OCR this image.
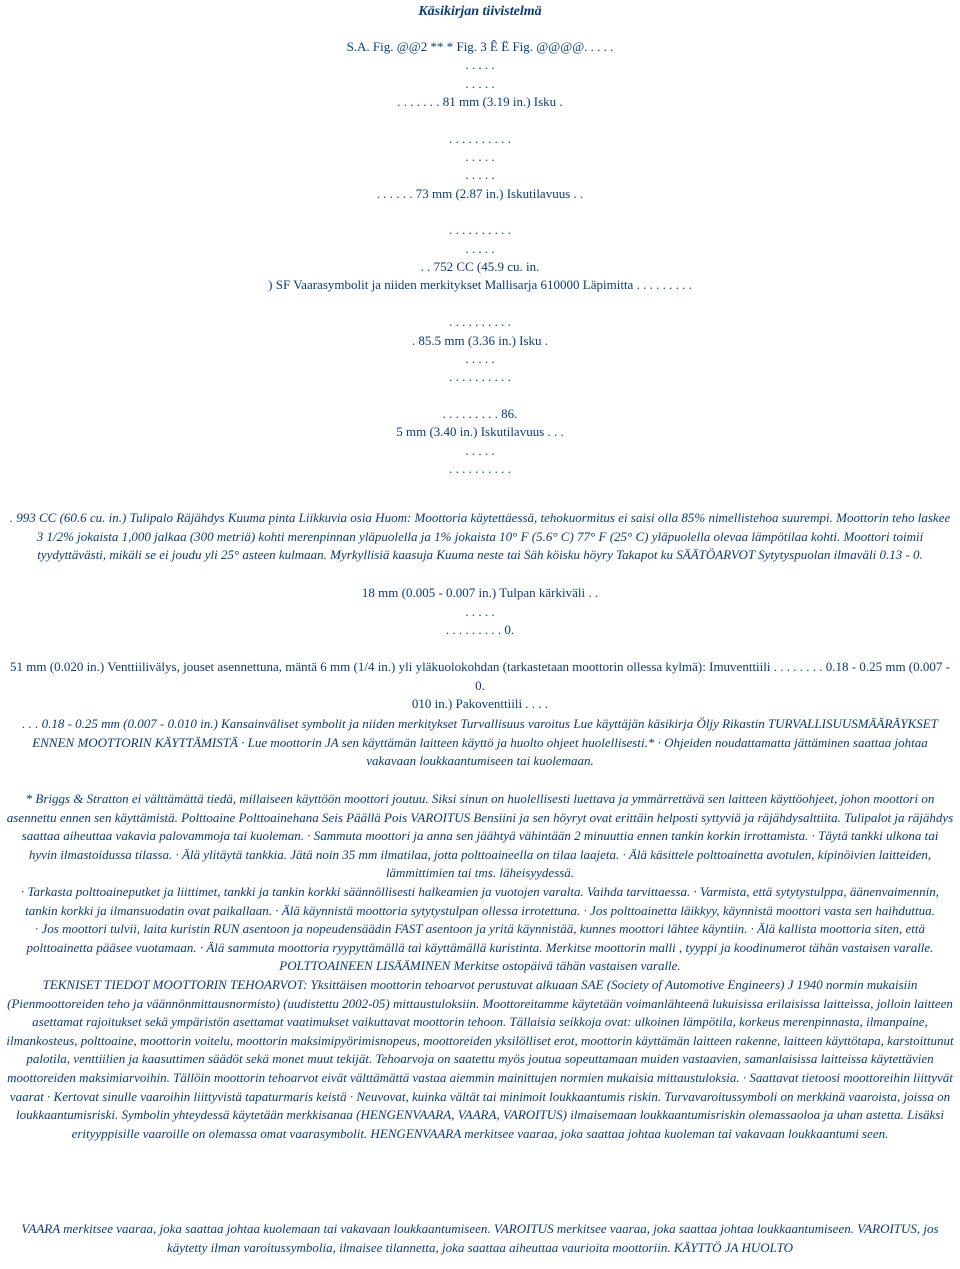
Käsikirjan tiivistelmä
S.A. Fig. @@2 ** * Fig. 3 Ê Ë Fig. @@@@. . . . .
. . . . .
. . . . .
. . . . . . . 81 mm (3.19 in.) Isku .
. . . . . . . . . .
. . . . .
. . . . .
. . . . . . 73 mm (2.87 in.) Iskutilavuus . .
. . . . . . . . . .
. . . . .
. . 752 CC (45.9 cu. in.
) SF Vaarasymbolit ja niiden merkitykset Mallisarja 610000 Läpimitta . . . . . . . . .
. . . . . . . . . .
. 85.5 mm (3.36 in.) Isku .
. . . . .
. . . . . . . . . .
. . . . . . . . . 86.
5 mm (3.40 in.) Iskutilavuus . . .
. . . . .
. . . . . . . . . .

. 993 CC (60.6 cu. in.) Tulipalo Räjähdys Kuuma pinta Liikkuvia osia Huom: Moottoria käytettäessä, tehokuormitus ei saisi olla 85% nimellistehoa suurempi. Moottorin teho laskee 3 1/2% jokaista 1,000 jalkaa (300 metriä) kohti merenpinnan yläpuolella ja 1% jokaista 10° F (5.6° C) 77° F (25° C) yläpuolella olevaa lämpötilaa kohti. Moottori toimii tyydyttävästi, mikäli se ei joudu yli 25° asteen kulmaan. Myrkyllisiä kaasuja Kuuma neste tai Säh köisku höyry Takapot ku SÄÄTÖARVOT Sytytyspuolan ilmaväli 0.13 - 0.

18 mm (0.005 - 0.007 in.) Tulpan kärkiväli . .
. . . . .
. . . . . . . . . 0.

51 mm (0.020 in.) Venttiilivälys, jouset asennettuna, mäntä 6 mm (1/4 in.) yli yläkuolokohdan (tarkastetaan moottorin ollessa kylmä): Imuventtiili . . . . . . . . 0.18 - 0.25 mm (0.007 - 0.

010 in.) Pakoventtiili . . . .

. . . 0.18 - 0.25 mm (0.007 - 0.010 in.) Kansainväliset symbolit ja niiden merkitykset Turvallisuus varoitus Lue käyttäjän käsikirja Öljy Rikastin TURVALLISUUSMÄÄRÄYKSET ENNEN MOOTTORIN KÄYTTÄMISTÄ · Lue moottorin JA sen käyttämän laitteen käyttö ja huolto ohjeet huolellisesti.* · Ohjeiden noudattamatta jättäminen saattaa johtaa vakavaan loukkaantumiseen tai kuolemaan.

* Briggs & Stratton ei välttämättä tiedä, millaiseen käyttöön moottori joutuu. Siksi sinun on huolellisesti luettava ja ymmärrettävä sen laitteen käyttöohjeet, johon moottori on asennettu ennen sen käyttämistä. Polttoaine Polttoainehana Seis Päällä Pois VAROITUS Bensiini ja sen höyryt ovat erittäin helposti syttyviä ja räjähdysalttiita. Tulipalot ja räjähdys saattaa aiheuttaa vakavia palovammoja tai kuoleman. · Sammuta moottori ja anna sen jäähtyä vähintään 2 minuuttia ennen tankin korkin irrottamista. · Täytä tankki ulkona tai hyvin ilmastoidussa tilassa. · Älä ylitäytä tankkia. Jätä noin 35 mm ilmatilaa, jotta polttoaineella on tilaa laajeta. · Älä käsittele polttoainetta avotulen, kipinöivien laitteiden, lämmittimien tai tms. läheisyydessä.

· Tarkasta polttoaineputket ja liittimet, tankki ja tankin korkki säännöllisesti halkeamien ja vuotojen varalta. Vaihda tarvittaessa. · Varmista, että sytytystulppa, äänenvaimennin, tankin korkki ja ilmansuodatin ovat paikallaan. · Älä käynnistä moottoria sytytystulpan ollessa irrotettuna. · Jos polttoainetta läikkyy, käynnistä moottori vasta sen haihduttua.

· Jos moottori tulvii, laita kuristin RUN asentoon ja nopeudensäädin FAST asentoon ja yritä käynnistää, kunnes moottori lähtee käyntiin. · Älä kallista moottoria siten, että polttoainetta pääsee vuotamaan. · Älä sammuta moottoria ryypyttämällä tai käyttämällä kuristinta. Merkitse moottorin malli , tyyppi ja koodinumerot tähän vastaisen varalle. POLTTOAINEEN LISÄÄMINEN Merkitse ostopäivä tähän vastaisen varalle.

TEKNISET TIEDOT MOOTTORIN TEHOARVOT: Yksittäisen moottorin tehoarvot perustuvat alkuaan SAE (Society of Automotive Engineers) J 1940 normin mukaisiin (Pienmoottoreiden teho ja väännönmittausnormisto) (uudistettu 2002-05) mittaustuloksiin. Moottoreitamme käytetään voimanlähteenä lukuisissa erilaisissa laitteissa, jolloin laitteen asettamat rajoitukset sekä ympäristön asettamat vaatimukset vaikuttavat moottorin tehoon. Tällaisia seikkoja ovat: ulkoinen lämpötila, korkeus merenpinnasta, ilmanpaine, ilmankosteus, polttoaine, moottorin voitelu, moottorin maksimipyörimisnopeus, moottoreiden yksilölliset erot, moottorin käyttämän laitteen rakenne, laitteen käyttötapa, karstoittunut palotila, venttiilien ja kaasuttimen säädöt sekä monet muut tekijät. Tehoarvoja on saatettu myös joutua sopeuttamaan muiden vastaavien, samanlaisissa laitteissa käytettävien moottoreiden maksimiarvoihin. Tällöin moottorin tehoarvot eivät välttämättä vastaa aiemmin mainittujen normien mukaisia mittaustuloksia. · Saattavat tietoosi moottoreihin liittyvät vaarat · Kertovat sinulle vaaroihin liittyvistä tapaturmaris keistä · Neuvovat, kuinka vältät tai minimoit loukkaantumis riskin. Turvavaroitussymboli on merkkinä vaaroista, joissa on loukkaantumisriski. Symbolin yhteydessä käytetään merkkisanaa (HENGENVAARA, VAARA, VAROITUS) ilmaisemaan loukkaantumisriskin olemassaoloa ja uhan astetta. Lisäksi erityyppisille vaaroille on olemassa omat vaarasymbolit. HENGENVAARA merkitsee vaaraa, joka saattaa johtaa kuoleman tai vakavaan loukkaantumi seen.

VAARA merkitsee vaaraa, joka saattaa johtaa kuolemaan tai vakavaan loukkaantumiseen. VAROITUS merkitsee vaaraa, joka saattaa johtaa loukkaantumiseen. VAROITUS, jos käytetty ilman varoitussymbolia, ilmaisee tilannetta, joka saattaa aiheuttaa vaurioita moottoriin. KÄYTTÖ JA HUOLTO
